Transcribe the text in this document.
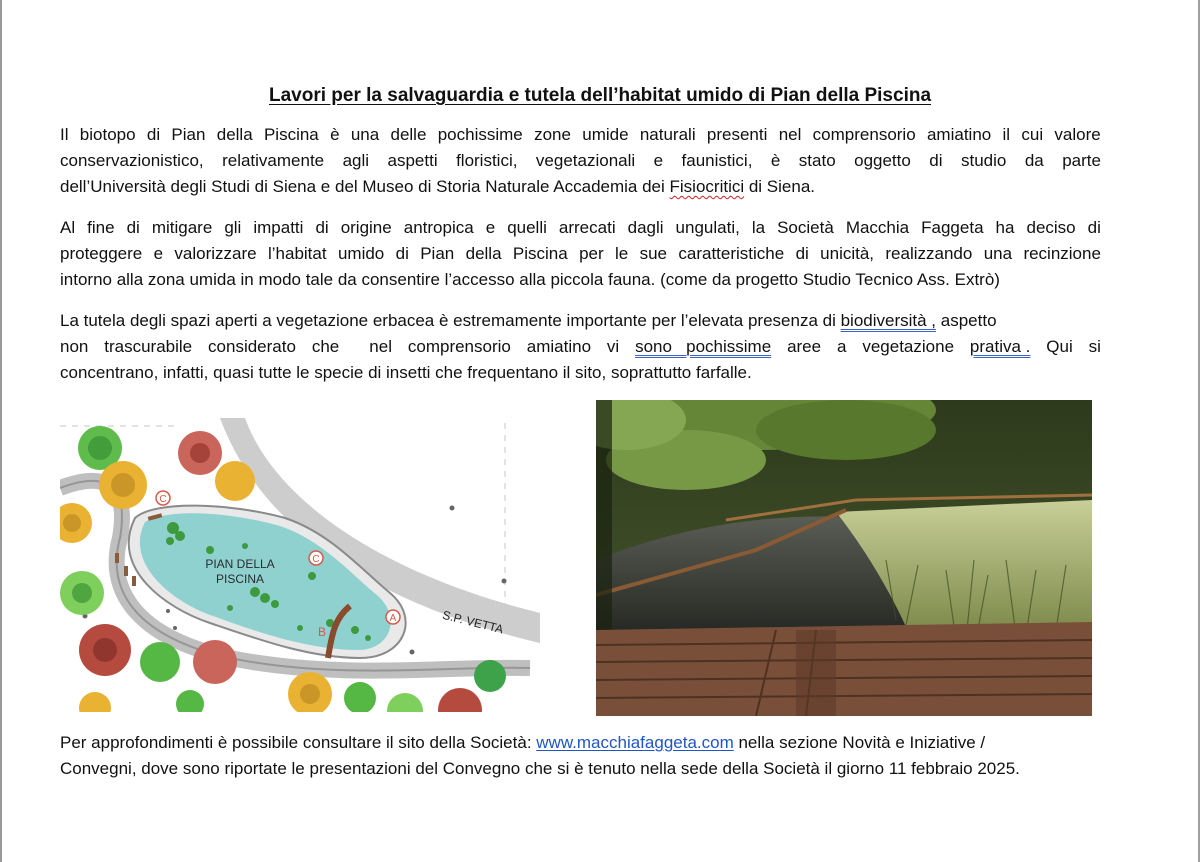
Lavori per la salvaguardia e tutela dell’habitat umido di Pian della Piscina
Il biotopo di Pian della Piscina è una delle pochissime zone umide naturali presenti nel comprensorio amiatino il cui valore
conservazionistico, relativamente agli aspetti floristici, vegetazionali e faunistici, è stato oggetto di studio da parte
dell’Università degli Studi di Siena e del Museo di Storia Naturale Accademia dei Fisiocritici di Siena.
Al fine di mitigare gli impatti di origine antropica e quelli arrecati dagli ungulati, la Società Macchia Faggeta ha deciso di
proteggere e valorizzare l’habitat umido di Pian della Piscina per le sue caratteristiche di unicità, realizzando una recinzione
intorno alla zona umida in modo tale da consentire l’accesso alla piccola fauna. (come da progetto Studio Tecnico Ass. Extrò)
La tutela degli spazi aperti a vegetazione erbacea è estremamente importante per l’elevata presenza di biodiversità , aspetto
non trascurabile considerato che nel comprensorio amiatino vi sono   pochissime aree a vegetazione prativa . Qui si
concentrano, infatti, quasi tutte le specie di insetti che frequentano il sito, soprattutto farfalle.
PIAN DELLA
PISCINA
C
C
A
B	S.P. VETTA
Per approfondimenti è possibile consultare il sito della Società: www.macchiafaggeta.com nella sezione Novità e Iniziative /
Convegni, dove sono riportate le presentazioni del Convegno che si è tenuto nella sede della Società il giorno 11 febbraio 2025.
